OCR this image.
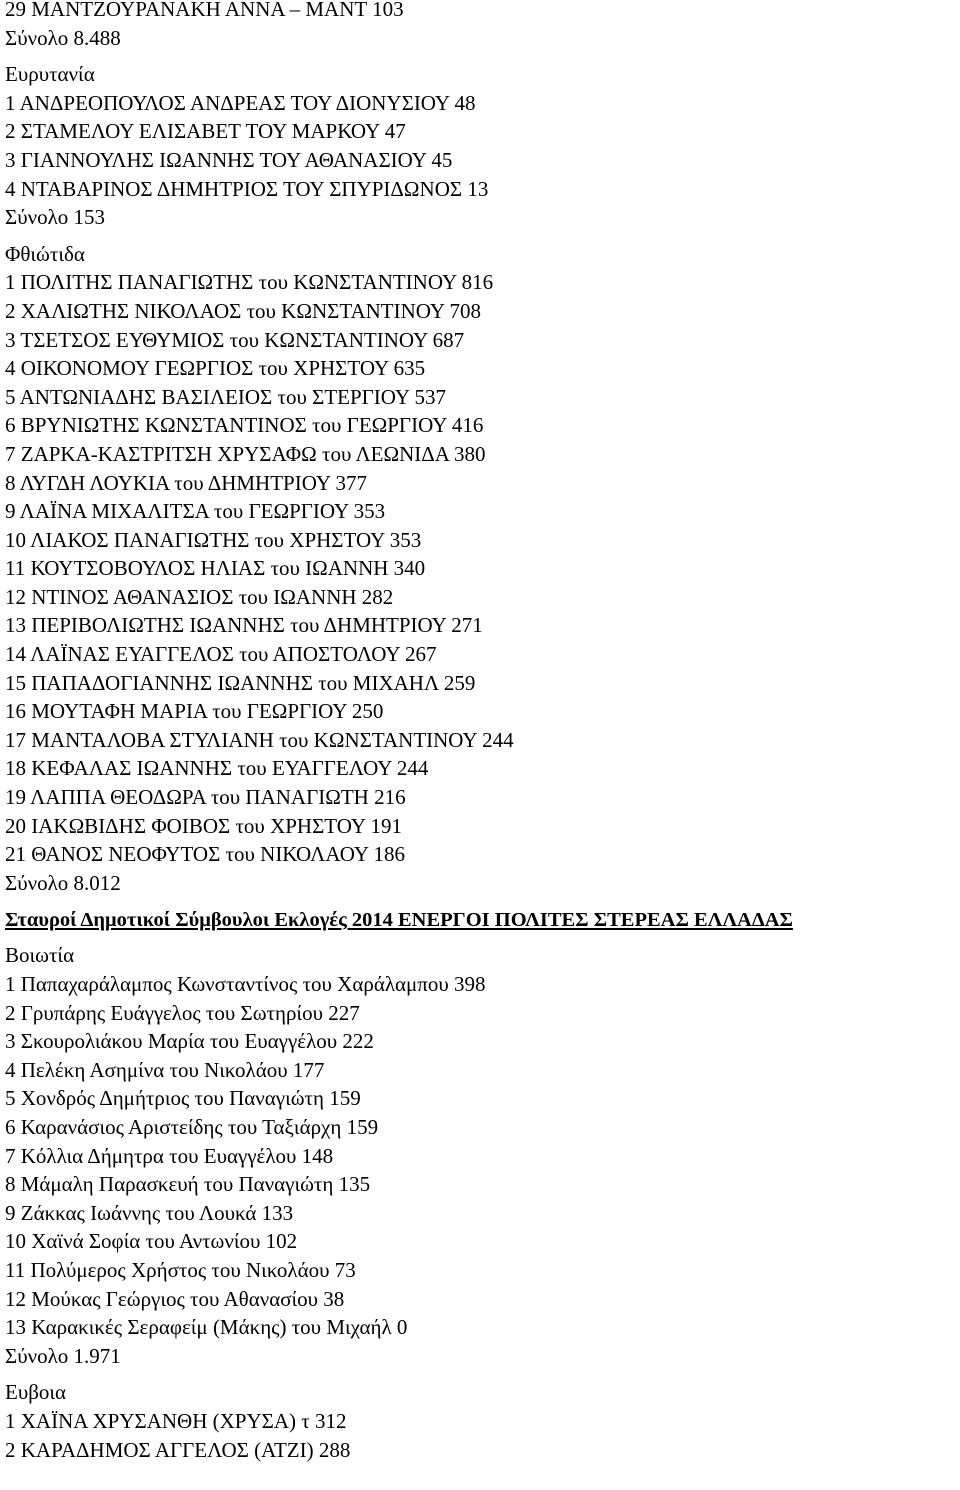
29 ΜΑΝΤΖΟΥΡΑΝΑΚΗ ΑΝΝΑ – ΜΑΝΤ 103
Σύνολο 8.488
Ευρυτανία
1 ΑΝΔΡΕΟΠΟΥΛΟΣ ΑΝΔΡΕΑΣ ΤΟΥ ΔΙΟΝΥΣΙΟΥ 48
2 ΣΤΑΜΕΛΟΥ ΕΛΙΣΑΒΕΤ ΤΟΥ ΜΑΡΚΟΥ 47
3 ΓΙΑΝΝΟΥΛΗΣ ΙΩΑΝΝΗΣ ΤΟΥ ΑΘΑΝΑΣΙΟΥ 45
4 ΝΤΑΒΑΡΙΝΟΣ ΔΗΜΗΤΡΙΟΣ ΤΟΥ ΣΠΥΡΙΔΩΝΟΣ 13
Σύνολο 153
Φθιώτιδα
1 ΠΟΛΙΤΗΣ ΠΑΝΑΓΙΩΤΗΣ του ΚΩΝΣΤΑΝΤΙΝΟΥ 816
2 ΧΑΛΙΩΤΗΣ ΝΙΚΟΛΑΟΣ του ΚΩΝΣΤΑΝΤΙΝΟΥ 708
3 ΤΣΕΤΣΟΣ ΕΥΘΥΜΙΟΣ του ΚΩΝΣΤΑΝΤΙΝΟΥ 687
4 ΟΙΚΟΝΟΜΟΥ ΓΕΩΡΓΙΟΣ του ΧΡΗΣΤΟΥ 635
5 ΑΝΤΩΝΙΑΔΗΣ ΒΑΣΙΛΕΙΟΣ του ΣΤΕΡΓΙΟΥ 537
6 ΒΡΥΝΙΩΤΗΣ ΚΩΝΣΤΑΝΤΙΝΟΣ του ΓΕΩΡΓΙΟΥ 416
7 ΖΑΡΚΑ-ΚΑΣΤΡΙΤΣΗ ΧΡΥΣΑΦΩ του ΛΕΩΝΙΔΑ 380
8 ΛΥΓΔΗ ΛΟΥΚΙΑ του ΔΗΜΗΤΡΙΟΥ 377
9 ΛΑΪΝΑ ΜΙΧΑΛΙΤΣΑ του ΓΕΩΡΓΙΟΥ 353
10 ΛΙΑΚΟΣ ΠΑΝΑΓΙΩΤΗΣ του ΧΡΗΣΤΟΥ 353
11 ΚΟΥΤΣΟΒΟΥΛΟΣ ΗΛΙΑΣ του ΙΩΑΝΝΗ 340
12 ΝΤΙΝΟΣ ΑΘΑΝΑΣΙΟΣ του ΙΩΑΝΝΗ 282
13 ΠΕΡΙΒΟΛΙΩΤΗΣ ΙΩΑΝΝΗΣ του ΔΗΜΗΤΡΙΟΥ 271
14 ΛΑΪΝΑΣ ΕΥΑΓΓΕΛΟΣ του ΑΠΟΣΤΟΛΟΥ 267
15 ΠΑΠΑΔΟΓΙΑΝΝΗΣ ΙΩΑΝΝΗΣ του ΜΙΧΑΗΛ 259
16 ΜΟΥΤΑΦΗ ΜΑΡΙΑ του ΓΕΩΡΓΙΟΥ 250
17 ΜΑΝΤΑΛΟΒΑ ΣΤΥΛΙΑΝΗ του ΚΩΝΣΤΑΝΤΙΝΟΥ 244
18 ΚΕΦΑΛΑΣ ΙΩΑΝΝΗΣ του ΕΥΑΓΓΕΛΟΥ 244
19 ΛΑΠΠΑ ΘΕΟΔΩΡΑ του ΠΑΝΑΓΙΩΤΗ 216
20 ΙΑΚΩΒΙΔΗΣ ΦΟΙΒΟΣ του ΧΡΗΣΤΟΥ 191
21 ΘΑΝΟΣ ΝΕΟΦΥΤΟΣ του ΝΙΚΟΛΑΟΥ 186
Σύνολο 8.012
Σταυροί Δημοτικοί Σύμβουλοι Εκλογές 2014 ΕΝΕΡΓΟΙ ΠΟΛΙΤΕΣ ΣΤΕΡΕΑΣ ΕΛΛΑΔΑΣ
Βοιωτία
1 Παπαχαράλαμπος Κωνσταντίνος του Χαράλαμπου 398
2 Γρυπάρης Ευάγγελος του Σωτηρίου 227
3 Σκουρολιάκου Μαρία του Ευαγγέλου 222
4 Πελέκη Ασημίνα του Νικολάου 177
5 Χονδρός Δημήτριος του Παναγιώτη 159
6 Καρανάσιος Αριστείδης του Ταξιάρχη 159
7 Κόλλια Δήμητρα του Ευαγγέλου 148
8 Μάμαλη Παρασκευή του Παναγιώτη 135
9 Ζάκκας Ιωάννης του Λουκά 133
10 Χαϊνά Σοφία του Αντωνίου 102
11 Πολύμερος Χρήστος του Νικολάου 73
12 Μούκας Γεώργιος του Αθανασίου 38
13 Καρακικές Σεραφείμ (Μάκης) του Μιχαήλ 0
Σύνολο 1.971
Ευβοια
1 ΧΑΪΝΑ ΧΡΥΣΑΝΘΗ (ΧΡΥΣΑ) τ 312
2 ΚΑΡΑΔΗΜΟΣ ΑΓΓΕΛΟΣ (ΑΤΖΙ) 288
